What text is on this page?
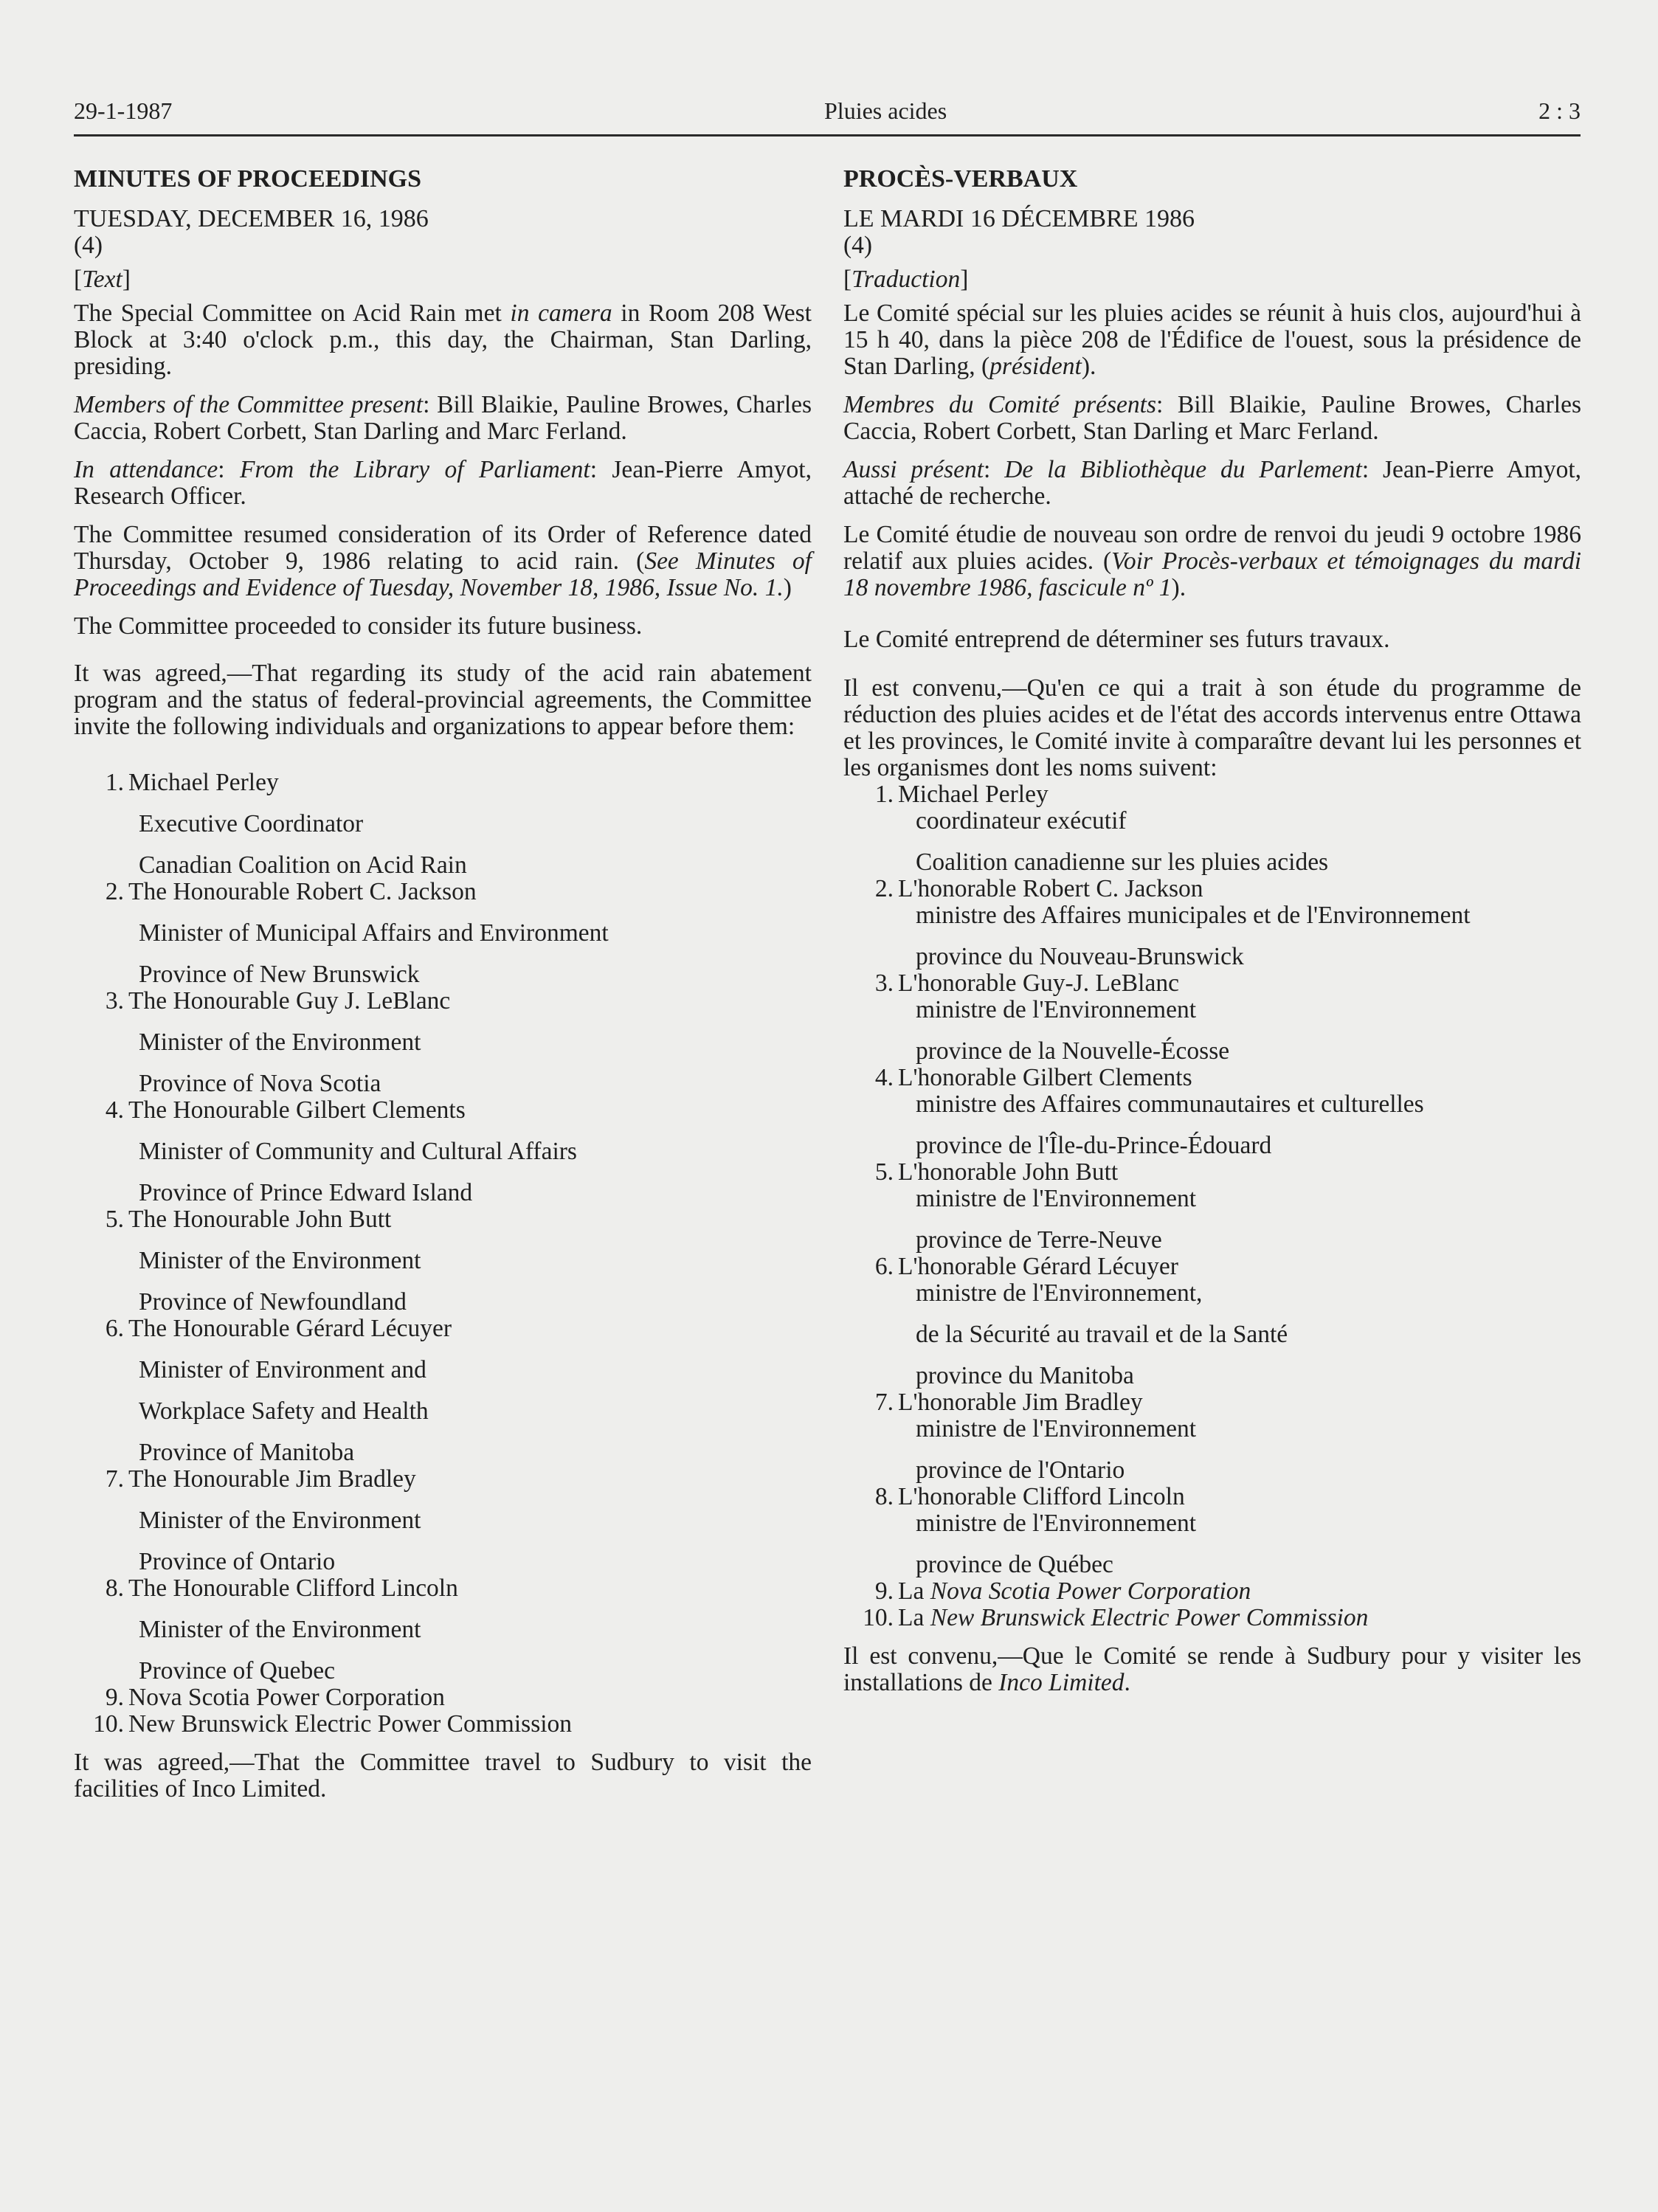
29-1-1987	Pluies acides	2 : 3

MINUTES OF PROCEEDINGS

TUESDAY, DECEMBER 16, 1986

(4)

[Text]

The Special Committee on Acid Rain met in camera in Room 208 West Block at 3:40 o'clock p.m., this day, the Chairman, Stan Darling, presiding.

Members of the Committee present: Bill Blaikie, Pauline Browes, Charles Caccia, Robert Corbett, Stan Darling and Marc Ferland.

In attendance: From the Library of Parliament: Jean-Pierre Amyot, Research Officer.

The Committee resumed consideration of its Order of Reference dated Thursday, October 9, 1986 relating to acid rain. (See Minutes of Proceedings and Evidence of Tuesday, November 18, 1986, Issue No. 1.)

The Committee proceeded to consider its future business.

It was agreed,—That regarding its study of the acid rain abatement program and the status of federal-provincial agreements, the Committee invite the following individuals and organizations to appear before them:

1. Michael Perley
Executive Coordinator
Canadian Coalition on Acid Rain
2. The Honourable Robert C. Jackson
Minister of Municipal Affairs and Environment
Province of New Brunswick
3. The Honourable Guy J. LeBlanc
Minister of the Environment
Province of Nova Scotia
4. The Honourable Gilbert Clements
Minister of Community and Cultural Affairs
Province of Prince Edward Island
5. The Honourable John Butt
Minister of the Environment
Province of Newfoundland
6. The Honourable Gérard Lécuyer
Minister of Environment and
Workplace Safety and Health
Province of Manitoba
7. The Honourable Jim Bradley
Minister of the Environment
Province of Ontario
8. The Honourable Clifford Lincoln
Minister of the Environment
Province of Quebec
9. Nova Scotia Power Corporation
10. New Brunswick Electric Power Commission

It was agreed,—That the Committee travel to Sudbury to visit the facilities of Inco Limited.

PROCÈS-VERBAUX

LE MARDI 16 DÉCEMBRE 1986

(4)

[Traduction]

Le Comité spécial sur les pluies acides se réunit à huis clos, aujourd'hui à 15 h 40, dans la pièce 208 de l'Édifice de l'ouest, sous la présidence de Stan Darling, (président).

Membres du Comité présents: Bill Blaikie, Pauline Browes, Charles Caccia, Robert Corbett, Stan Darling et Marc Ferland.

Aussi présent: De la Bibliothèque du Parlement: Jean-Pierre Amyot, attaché de recherche.

Le Comité étudie de nouveau son ordre de renvoi du jeudi 9 octobre 1986 relatif aux pluies acides. (Voir Procès-verbaux et témoignages du mardi 18 novembre 1986, fascicule nº 1).

Le Comité entreprend de déterminer ses futurs travaux.

Il est convenu,—Qu'en ce qui a trait à son étude du programme de réduction des pluies acides et de l'état des accords intervenus entre Ottawa et les provinces, le Comité invite à comparaître devant lui les personnes et les organismes dont les noms suivent:

1. Michael Perley
coordinateur exécutif
Coalition canadienne sur les pluies acides
2. L'honorable Robert C. Jackson
ministre des Affaires municipales et de l'Environnement
province du Nouveau-Brunswick
3. L'honorable Guy-J. LeBlanc
ministre de l'Environnement
province de la Nouvelle-Écosse
4. L'honorable Gilbert Clements
ministre des Affaires communautaires et culturelles
province de l'Île-du-Prince-Édouard
5. L'honorable John Butt
ministre de l'Environnement
province de Terre-Neuve
6. L'honorable Gérard Lécuyer
ministre de l'Environnement,
de la Sécurité au travail et de la Santé
province du Manitoba
7. L'honorable Jim Bradley
ministre de l'Environnement
province de l'Ontario
8. L'honorable Clifford Lincoln
ministre de l'Environnement
province de Québec
9. La Nova Scotia Power Corporation
10. La New Brunswick Electric Power Commission

Il est convenu,—Que le Comité se rende à Sudbury pour y visiter les installations de Inco Limited.
